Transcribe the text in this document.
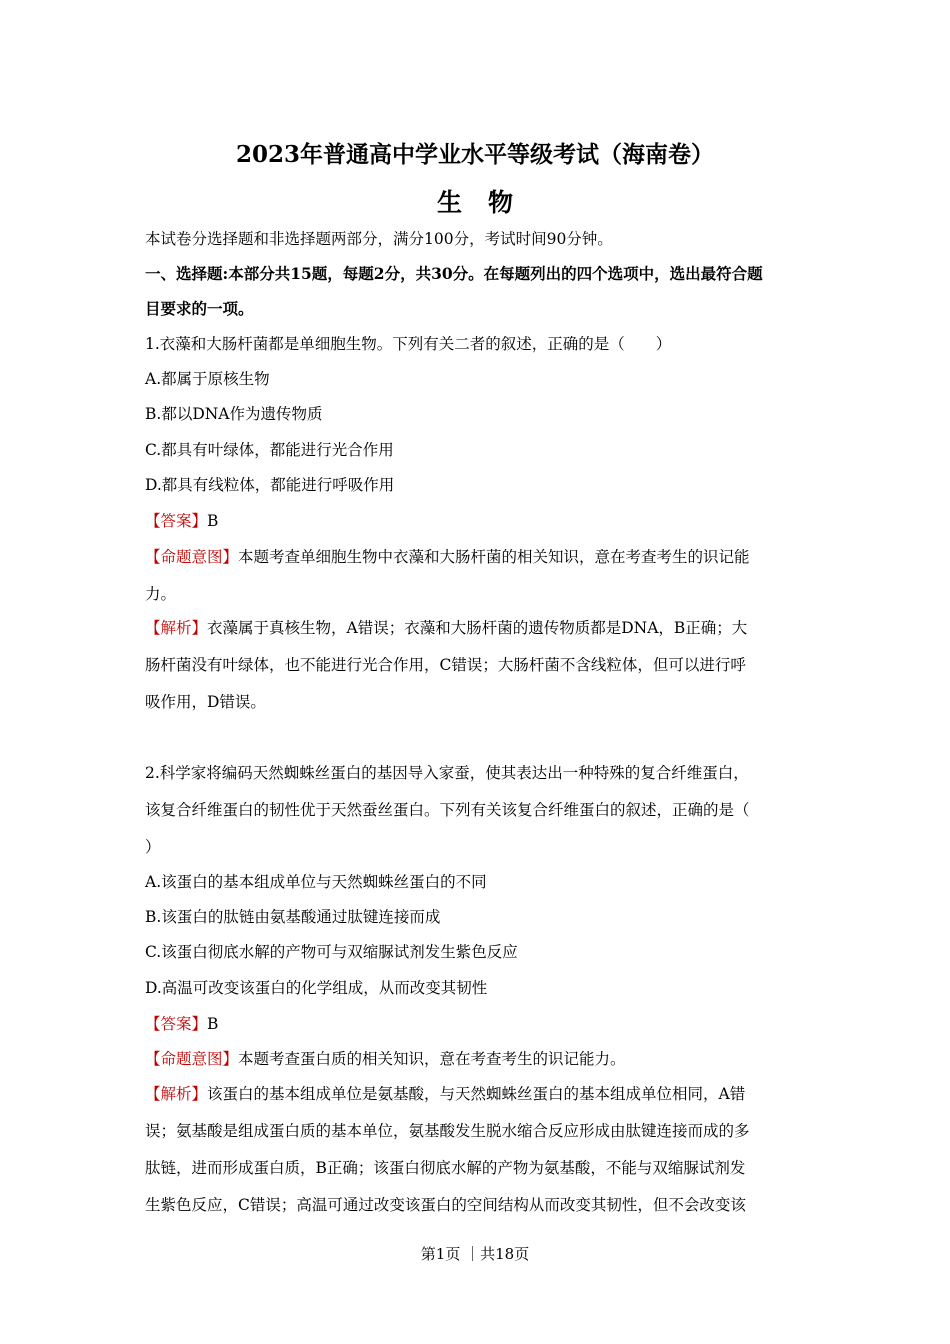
2023年普通高中学业水平等级考试（海南卷）
生物
本试卷分选择题和非选择题两部分，满分100分，考试时间90分钟。
一、选择题:本部分共15题，每题2分，共30分。在每题列出的四个选项中，选出最符合题
目要求的一项。
1.衣藻和大肠杆菌都是单细胞生物。下列有关二者的叙述，正确的是（　　）
A.都属于原核生物
B.都以DNA作为遗传物质
C.都具有叶绿体，都能进行光合作用
D.都具有线粒体，都能进行呼吸作用
【答案】B
【命题意图】本题考查单细胞生物中衣藻和大肠杆菌的相关知识，意在考查考生的识记能
力。
【解析】衣藻属于真核生物，A错误；衣藻和大肠杆菌的遗传物质都是DNA，B正确；大
肠杆菌没有叶绿体，也不能进行光合作用，C错误；大肠杆菌不含线粒体，但可以进行呼
吸作用，D错误。
2.科学家将编码天然蜘蛛丝蛋白的基因导入家蚕，使其表达出一种特殊的复合纤维蛋白，
该复合纤维蛋白的韧性优于天然蚕丝蛋白。下列有关该复合纤维蛋白的叙述，正确的是（
）
A.该蛋白的基本组成单位与天然蜘蛛丝蛋白的不同
B.该蛋白的肽链由氨基酸通过肽键连接而成
C.该蛋白彻底水解的产物可与双缩脲试剂发生紫色反应
D.高温可改变该蛋白的化学组成，从而改变其韧性
【答案】B
【命题意图】本题考查蛋白质的相关知识，意在考查考生的识记能力。
【解析】该蛋白的基本组成单位是氨基酸，与天然蜘蛛丝蛋白的基本组成单位相同，A错
误；氨基酸是组成蛋白质的基本单位，氨基酸发生脱水缩合反应形成由肽键连接而成的多
肽链，进而形成蛋白质，B正确；该蛋白彻底水解的产物为氨基酸，不能与双缩脲试剂发
生紫色反应，C错误；高温可通过改变该蛋白的空间结构从而改变其韧性，但不会改变该
第1页 ｜共18页
